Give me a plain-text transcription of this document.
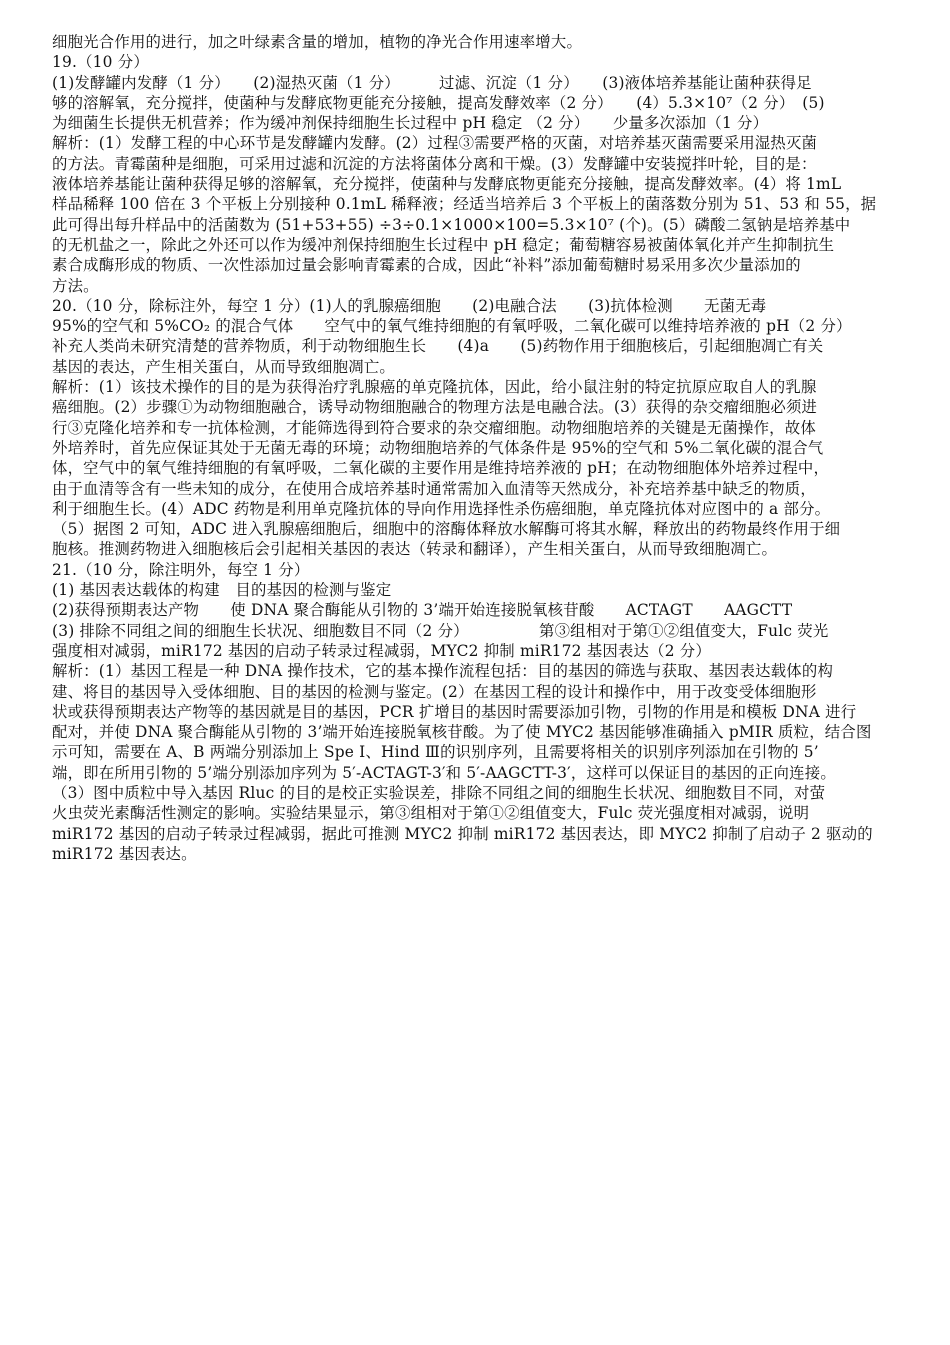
细胞光合作用的进行，加之叶绿素含量的增加，植物的净光合作用速率增大。
19.（10 分）
(1)发酵罐内发酵（1 分）　　(2)湿热灭菌（1 分）　　　过滤、沉淀（1 分）　　(3)液体培养基能让菌种获得足
够的溶解氧，充分搅拌，使菌种与发酵底物更能充分接触，提高发酵效率（2 分）　　(4）5.3×10⁷（2 分）　(5)
为细菌生长提供无机营养；作为缓冲剂保持细胞生长过程中 pH 稳定 （2 分）　　少量多次添加（1 分）
解析：(1）发酵工程的中心环节是发酵罐内发酵。(2）过程③需要严格的灭菌，对培养基灭菌需要采用湿热灭菌
的方法。青霉菌种是细胞，可采用过滤和沉淀的方法将菌体分离和干燥。(3）发酵罐中安装搅拌叶轮，目的是：
液体培养基能让菌种获得足够的溶解氧，充分搅拌，使菌种与发酵底物更能充分接触，提高发酵效率。(4）将 1mL
样品稀释 100 倍在 3 个平板上分别接种 0.1mL 稀释液；经适当培养后 3 个平板上的菌落数分别为 51、53 和 55，据
此可得出每升样品中的活菌数为 (51+53+55) ÷3÷0.1×1000×100=5.3×10⁷ (个)。(5）磷酸二氢钠是培养基中
的无机盐之一，除此之外还可以作为缓冲剂保持细胞生长过程中 pH 稳定；葡萄糖容易被菌体氧化并产生抑制抗生
素合成酶形成的物质、一次性添加过量会影响青霉素的合成，因此“补料”添加葡萄糖时易采用多次少量添加的
方法。
20.（10 分，除标注外，每空 1 分）(1)人的乳腺癌细胞　　(2)电融合法　　(3)抗体检测　　无菌无毒
95%的空气和 5%CO₂ 的混合气体　　空气中的氧气维持细胞的有氧呼吸，二氧化碳可以维持培养液的 pH（2 分）
补充人类尚未研究清楚的营养物质，利于动物细胞生长　　(4)a　　(5)药物作用于细胞核后，引起细胞凋亡有关
基因的表达，产生相关蛋白，从而导致细胞凋亡。
解析：(1）该技术操作的目的是为获得治疗乳腺癌的单克隆抗体，因此，给小鼠注射的特定抗原应取自人的乳腺
癌细胞。(2）步骤①为动物细胞融合，诱导动物细胞融合的物理方法是电融合法。(3）获得的杂交瘤细胞必须进
行③克隆化培养和专一抗体检测，才能筛选得到符合要求的杂交瘤细胞。动物细胞培养的关键是无菌操作，故体
外培养时，首先应保证其处于无菌无毒的环境；动物细胞培养的气体条件是 95%的空气和 5%二氧化碳的混合气
体，空气中的氧气维持细胞的有氧呼吸，二氧化碳的主要作用是维持培养液的 pH；在动物细胞体外培养过程中，
由于血清等含有一些未知的成分，在使用合成培养基时通常需加入血清等天然成分，补充培养基中缺乏的物质，
利于细胞生长。(4）ADC 药物是利用单克隆抗体的导向作用选择性杀伤癌细胞，单克隆抗体对应图中的 a 部分。
（5）据图 2 可知，ADC 进入乳腺癌细胞后，细胞中的溶酶体释放水解酶可将其水解，释放出的药物最终作用于细
胞核。推测药物进入细胞核后会引起相关基因的表达（转录和翻译），产生相关蛋白，从而导致细胞凋亡。
21.（10 分，除注明外，每空 1 分）
(1) 基因表达载体的构建　目的基因的检测与鉴定
(2)获得预期表达产物　　使 DNA 聚合酶能从引物的 3’端开始连接脱氧核苷酸　　ACTAGT　　AAGCTT
(3) 排除不同组之间的细胞生长状况、细胞数目不同（2 分）　　　　　第③组相对于第①②组值变大，Fulc 荧光
强度相对减弱，miR172 基因的启动子转录过程减弱，MYC2 抑制 miR172 基因表达（2 分）
解析：(1）基因工程是一种 DNA 操作技术，它的基本操作流程包括：目的基因的筛选与获取、基因表达载体的构
建、将目的基因导入受体细胞、目的基因的检测与鉴定。(2）在基因工程的设计和操作中，用于改变受体细胞形
状或获得预期表达产物等的基因就是目的基因，PCR 扩增目的基因时需要添加引物，引物的作用是和模板 DNA 进行
配对，并使 DNA 聚合酶能从引物的 3’端开始连接脱氧核苷酸。为了使 MYC2 基因能够准确插入 pMIR 质粒，结合图
示可知，需要在 A、B 两端分别添加上 Spe Ⅰ、Hind Ⅲ的识别序列，且需要将相关的识别序列添加在引物的 5’
端，即在所用引物的 5’端分别添加序列为 5′-ACTAGT-3′和 5′-AAGCTT-3′，这样可以保证目的基因的正向连接。
（3）图中质粒中导入基因 Rluc 的目的是校正实验误差，排除不同组之间的细胞生长状况、细胞数目不同，对萤
火虫荧光素酶活性测定的影响。实验结果显示，第③组相对于第①②组值变大，Fulc 荧光强度相对减弱，说明
miR172 基因的启动子转录过程减弱，据此可推测 MYC2 抑制 miR172 基因表达，即 MYC2 抑制了启动子 2 驱动的
miR172 基因表达。
